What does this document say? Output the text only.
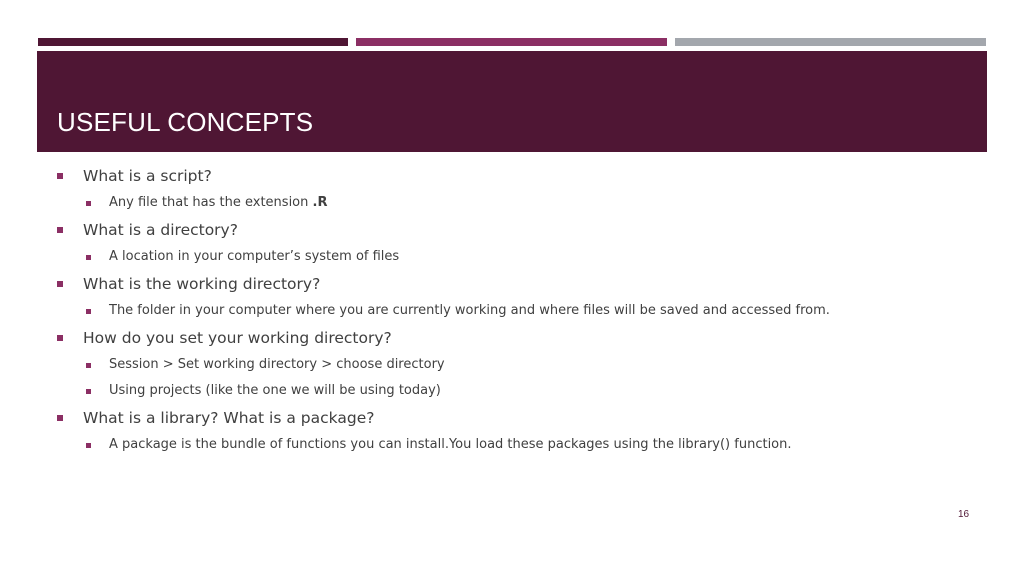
USEFUL CONCEPTS
What is a script?
Any file that has the extension .R
What is a directory?
A location in your computer’s system of files
What is the working directory?
The folder in your computer where you are currently working and where files will be saved and accessed from.
How do you set your working directory?
Session > Set working directory > choose directory
Using projects (like the one we will be using today)
What is a library? What is a package?
A package is the bundle of functions you can install.You load these packages using the library() function.
16
